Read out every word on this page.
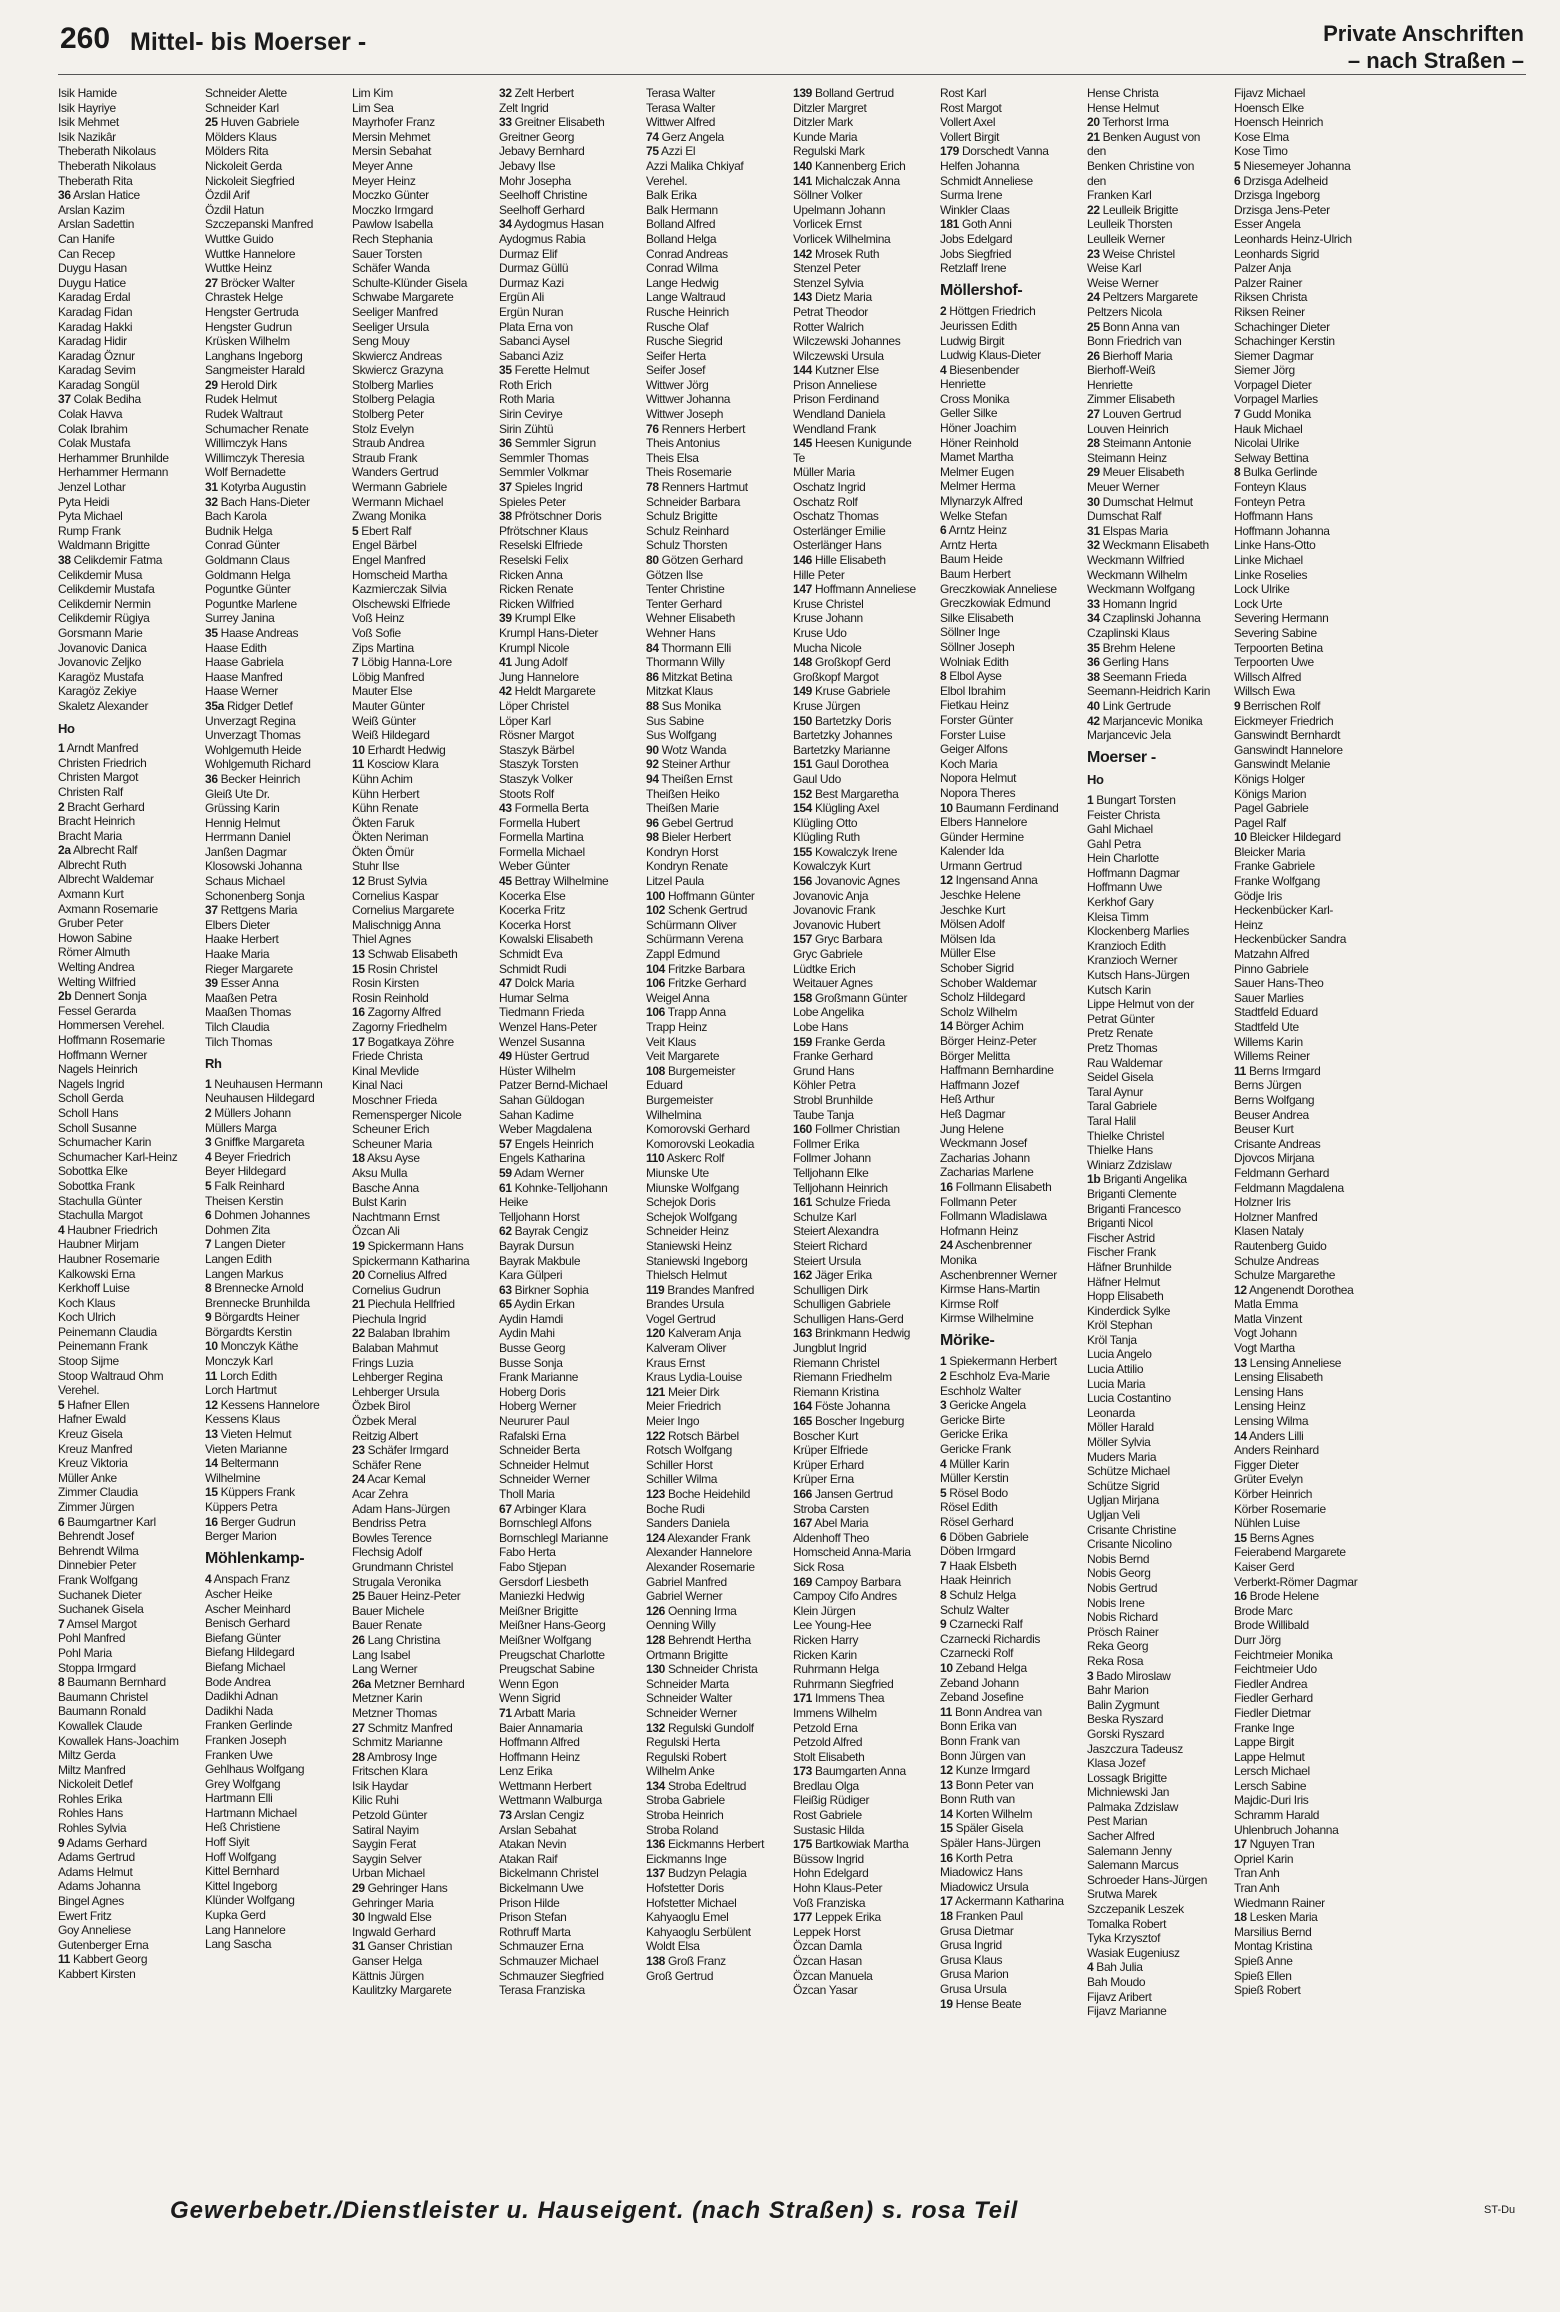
260 Mittel- bis Moerser -	Private Anschriften
– nach Straßen –
Isik Hamide
Isik Hayriye
Isik Mehmet
Isik Nazikâr
Theberath Nikolaus
Theberath Nikolaus
Theberath Rita
36 Arslan Hatice
Arslan Kazim
Arslan Sadettin
Can Hanife
Can Recep
Duygu Hasan
Duygu Hatice
Karadag Erdal
Karadag Fidan
Karadag Hakki
Karadag Hidir
Karadag Öznur
Karadag Sevim
Karadag Songül
37 Colak Bediha
Colak Havva
Colak Ibrahim
Colak Mustafa
Herhammer Brunhilde
Herhammer Hermann
Jenzel Lothar
Pyta Heidi
Pyta Michael
Rump Frank
Waldmann Brigitte
38 Celikdemir Fatma
Celikdemir Musa
Celikdemir Mustafa
Celikdemir Nermin
Celikdemir Rügiya
Gorsmann Marie
Jovanovic Danica
Jovanovic Zeljko
Karagöz Mustafa
Karagöz Zekiye
Skaletz Alexander
Ho
1 Arndt Manfred
Christen Friedrich
Christen Margot
Christen Ralf
2 Bracht Gerhard
Bracht Heinrich
Bracht Maria
2a Albrecht Ralf
Albrecht Ruth
Albrecht Waldemar
Axmann Kurt
Axmann Rosemarie
Gruber Peter
Howon Sabine
Römer Almuth
Welting Andrea
Welting Wilfried
2b Dennert Sonja
Fessel Gerarda
Hommersen Verehel.
Hoffmann Rosemarie
Hoffmann Werner
Nagels Heinrich
Nagels Ingrid
Scholl Gerda
Scholl Hans
Scholl Susanne
Schumacher Karin
Schumacher Karl-Heinz
Sobottka Elke
Sobottka Frank
Stachulla Günter
Stachulla Margot
4 Haubner Friedrich
Haubner Mirjam
Haubner Rosemarie
Kalkowski Erna
Kerkhoff Luise
Koch Klaus
Koch Ulrich
Peinemann Claudia
Peinemann Frank
Stoop Sijme
Stoop Waltraud Ohm
Verehel.
5 Hafner Ellen
Hafner Ewald
Kreuz Gisela
Kreuz Manfred
Kreuz Viktoria
Müller Anke
Zimmer Claudia
Zimmer Jürgen
6 Baumgartner Karl
Behrendt Josef
Behrendt Wilma
Dinnebier Peter
Frank Wolfgang
Suchanek Dieter
Suchanek Gisela
7 Amsel Margot
Pohl Manfred
Pohl Maria
Stoppa Irmgard
8 Baumann Bernhard
Baumann Christel
Baumann Ronald
Kowallek Claude
Kowallek Hans-Joachim
Miltz Gerda
Miltz Manfred
Nickoleit Detlef
Rohles Erika
Rohles Hans
Rohles Sylvia
9 Adams Gerhard
Adams Gertrud
Adams Helmut
Adams Johanna
Bingel Agnes
Ewert Fritz
Goy Anneliese
Gutenberger Erna
11 Kabbert Georg
Kabbert Kirsten
Schneider Alette
Schneider Karl
25 Huven Gabriele
Mölders Klaus
Mölders Rita
Nickoleit Gerda
Nickoleit Siegfried
Özdil Arif
Özdil Hatun
Szczepanski Manfred
Wuttke Guido
Wuttke Hannelore
Wuttke Heinz
27 Bröcker Walter
Chrastek Helge
Hengster Gertruda
Hengster Gudrun
Krüsken Wilhelm
Langhans Ingeborg
Sangmeister Harald
29 Herold Dirk
Rudek Helmut
Rudek Waltraut
Schumacher Renate
Willimczyk Hans
Willimczyk Theresia
Wolf Bernadette
31 Kotyrba Augustin
32 Bach Hans-Dieter
Bach Karola
Budnik Helga
Conrad Günter
Goldmann Claus
Goldmann Helga
Poguntke Günter
Poguntke Marlene
Surrey Janina
35 Haase Andreas
Haase Edith
Haase Gabriela
Haase Manfred
Haase Werner
35a Ridger Detlef
Unverzagt Regina
Unverzagt Thomas
Wohlgemuth Heide
Wohlgemuth Richard
36 Becker Heinrich
Gleiß Ute Dr.
Grüssing Karin
Hennig Helmut
Herrmann Daniel
Janßen Dagmar
Klosowski Johanna
Schaus Michael
Schonenberg Sonja
37 Rettgens Maria
Elbers Dieter
Haake Herbert
Haake Maria
Rieger Margarete
39 Esser Anna
Maaßen Petra
Maaßen Thomas
Tilch Claudia
Tilch Thomas
Rh
1 Neuhausen Hermann
Neuhausen Hildegard
2 Müllers Johann
Müllers Marga
3 Gniffke Margareta
4 Beyer Friedrich
Beyer Hildegard
5 Falk Reinhard
Theisen Kerstin
6 Dohmen Johannes
Dohmen Zita
7 Langen Dieter
Langen Edith
Langen Markus
8 Brennecke Arnold
Brennecke Brunhilda
9 Börgardts Heiner
Börgardts Kerstin
10 Monczyk Käthe
Monczyk Karl
11 Lorch Edith
Lorch Hartmut
12 Kessens Hannelore
Kessens Klaus
13 Vieten Helmut
Vieten Marianne
14 Beltermann
Wilhelmine
15 Küppers Frank
Küppers Petra
16 Berger Gudrun
Berger Marion
Möhlenkamp-
4 Anspach Franz
Ascher Heike
Ascher Meinhard
Benisch Gerhard
Biefang Günter
Biefang Hildegard
Biefang Michael
Bode Andrea
Dadikhi Adnan
Dadikhi Nada
Franken Gerlinde
Franken Joseph
Franken Uwe
Gehlhaus Wolfgang
Grey Wolfgang
Hartmann Elli
Hartmann Michael
Heß Christiene
Hoff Siyit
Hoff Wolfgang
Kittel Bernhard
Kittel Ingeborg
Klünder Wolfgang
Kupka Gerd
Lang Hannelore
Lang Sascha
Lim Kim
Lim Sea
Mayrhofer Franz
Mersin Mehmet
Mersin Sebahat
Meyer Anne
Meyer Heinz
Moczko Günter
Moczko Irmgard
Pawlow Isabella
Rech Stephania
Sauer Torsten
Schäfer Wanda
Schulte-Klünder Gisela
Schwabe Margarete
Seeliger Manfred
Seeliger Ursula
Seng Mouy
Skwiercz Andreas
Skwiercz Grazyna
Stolberg Marlies
Stolberg Pelagia
Stolberg Peter
Stolz Evelyn
Straub Andrea
Straub Frank
Wanders Gertrud
Wermann Gabriele
Wermann Michael
Zwang Monika
5 Ebert Ralf
Engel Bärbel
Engel Manfred
Homscheid Martha
Kazmierczak Silvia
Olschewski Elfriede
Voß Heinz
Voß Sofie
Zips Martina
7 Löbig Hanna-Lore
Löbig Manfred
Mauter Else
Mauter Günter
Weiß Günter
Weiß Hildegard
10 Erhardt Hedwig
11 Kosciow Klara
Kühn Achim
Kühn Herbert
Kühn Renate
Ökten Faruk
Ökten Neriman
Ökten Ömür
Stuhr Ilse
12 Brust Sylvia
Cornelius Kaspar
Cornelius Margarete
Malischnigg Anna
Thiel Agnes
13 Schwab Elisabeth
15 Rosin Christel
Rosin Kirsten
Rosin Reinhold
16 Zagorny Alfred
Zagorny Friedhelm
17 Bogatkaya Zöhre
Friede Christa
Kinal Mevlide
Kinal Naci
Moschner Frieda
Remensperger Nicole
Scheuner Erich
Scheuner Maria
18 Aksu Ayse
Aksu Mulla
Basche Anna
Bulst Karin
Nachtmann Ernst
Özcan Ali
19 Spickermann Hans
Spickermann Katharina
20 Cornelius Alfred
Cornelius Gudrun
21 Piechula Hellfried
Piechula Ingrid
22 Balaban Ibrahim
Balaban Mahmut
Frings Luzia
Lehberger Regina
Lehberger Ursula
Özbek Birol
Özbek Meral
Reitzig Albert
23 Schäfer Irmgard
Schäfer Rene
24 Acar Kemal
Acar Zehra
Adam Hans-Jürgen
Bendriss Petra
Bowles Terence
Flechsig Adolf
Grundmann Christel
Strugala Veronika
25 Bauer Heinz-Peter
Bauer Michele
Bauer Renate
26 Lang Christina
Lang Isabel
Lang Werner
26a Metzner Bernhard
Metzner Karin
Metzner Thomas
27 Schmitz Manfred
Schmitz Marianne
28 Ambrosy Inge
Fritschen Klara
Isik Haydar
Kilic Ruhi
Petzold Günter
Satiral Nayim
Saygin Ferat
Saygin Selver
Urban Michael
29 Gehringer Hans
Gehringer Maria
30 Ingwald Else
Ingwald Gerhard
31 Ganser Christian
Ganser Helga
Kättnis Jürgen
Kaulitzky Margarete
32 Zelt Herbert
Zelt Ingrid
33 Greitner Elisabeth
Greitner Georg
Jebavy Bernhard
Jebavy Ilse
Mohr Josepha
Seelhoff Christine
Seelhoff Gerhard
34 Aydogmus Hasan
Aydogmus Rabia
Durmaz Elif
Durmaz Güllü
Durmaz Kazi
Ergün Ali
Ergün Nuran
Plata Erna von
Sabanci Aysel
Sabanci Aziz
35 Ferette Helmut
Roth Erich
Roth Maria
Sirin Ceviryе
Sirin Zühtü
36 Semmler Sigrun
Semmler Thomas
Semmler Volkmar
37 Spieles Ingrid
Spieles Peter
38 Pfrötschner Doris
Pfrötschner Klaus
Reselski Elfriede
Reselski Felix
Ricken Anna
Ricken Renate
Ricken Wilfried
39 Krumpl Elke
Krumpl Hans-Dieter
Krumpl Nicole
41 Jung Adolf
Jung Hannelore
42 Heldt Margarete
Löper Christel
Löper Karl
Rösner Margot
Staszyk Bärbel
Staszyk Torsten
Staszyk Volker
Stoots Rolf
43 Formella Berta
Formella Hubert
Formella Martina
Formella Michael
Weber Günter
45 Bettray Wilhelmine
Kocerka Else
Kocerka Fritz
Kocerka Horst
Kowalski Elisabeth
Schmidt Eva
Schmidt Rudi
47 Dolck Maria
Humar Selma
Tiedmann Frieda
Wenzel Hans-Peter
Wenzel Susanna
49 Hüster Gertrud
Hüster Wilhelm
Patzer Bernd-Michael
Sahan Güldogan
Sahan Kadime
Weber Magdalena
57 Engels Heinrich
Engels Katharina
59 Adam Werner
61 Kohnke-Telljohann
Heike
Telljohann Horst
62 Bayrak Cengiz
Bayrak Dursun
Bayrak Makbule
Kara Gülperi
63 Birkner Sophia
65 Aydin Erkan
Aydin Hamdi
Aydin Mahi
Busse Georg
Busse Sonja
Frank Marianne
Hoberg Doris
Hoberg Werner
Neururer Paul
Rafalski Erna
Schneider Berta
Schneider Helmut
Schneider Werner
Tholl Maria
67 Arbinger Klara
Bornschlegl Alfons
Bornschlegl Marianne
Fabo Herta
Fabo Stjepan
Gersdorf Liesbeth
Maniezki Hedwig
Meißner Brigitte
Meißner Hans-Georg
Meißner Wolfgang
Preugschat Charlotte
Preugschat Sabine
Wenn Egon
Wenn Sigrid
71 Arbatt Maria
Baier Annamaria
Hoffmann Alfred
Hoffmann Heinz
Lenz Erika
Wettmann Herbert
Wettmann Walburga
73 Arslan Cengiz
Arslan Sebahat
Atakan Nevin
Atakan Raif
Bickelmann Christel
Bickelmann Uwe
Prison Hilde
Prison Stefan
Rothruff Marta
Schmauzer Erna
Schmauzer Michael
Schmauzer Siegfried
Terasa Franziska
Terasa Walter
Terasa Walter
Wittwer Alfred
74 Gerz Angela
75 Azzi El
Azzi Malika Chkiyaf
Verehel.
Balk Erika
Balk Hermann
Bolland Alfred
Bolland Helga
Conrad Andreas
Conrad Wilma
Lange Hedwig
Lange Waltraud
Rusche Heinrich
Rusche Olaf
Rusche Siegrid
Seifer Herta
Seifer Josef
Wittwer Jörg
Wittwer Johanna
Wittwer Joseph
76 Renners Herbert
Theis Antonius
Theis Elsa
Theis Rosemarie
78 Renners Hartmut
Schneider Barbara
Schulz Brigitte
Schulz Reinhard
Schulz Thorsten
80 Götzen Gerhard
Götzen Ilse
Tenter Christine
Tenter Gerhard
Wehner Elisabeth
Wehner Hans
84 Thormann Elli
Thormann Willy
86 Mitzkat Betina
Mitzkat Klaus
88 Sus Monika
Sus Sabine
Sus Wolfgang
90 Wotz Wanda
92 Steiner Arthur
94 Theißen Ernst
Theißen Heiko
Theißen Marie
96 Gebel Gertrud
98 Bieler Herbert
Kondryn Horst
Kondryn Renate
Litzel Paula
100 Hoffmann Günter
102 Schenk Gertrud
Schürmann Oliver
Schürmann Verena
Zappl Edmund
104 Fritzke Barbara
106 Fritzke Gerhard
Weigel Anna
106 Trapp Anna
Trapp Heinz
Veit Klaus
Veit Margarete
108 Burgemeister
Eduard
Burgemeister
Wilhelmina
Komorovski Gerhard
Komorovski Leokadia
110 Askerc Rolf
Miunske Ute
Miunske Wolfgang
Schejok Doris
Schejok Wolfgang
Schneider Heinz
Staniewski Heinz
Staniewski Ingeborg
Thielsch Helmut
119 Brandes Manfred
Brandes Ursula
Vogel Gertrud
120 Kalveram Anja
Kalveram Oliver
Kraus Ernst
Kraus Lydia-Louise
121 Meier Dirk
Meier Friedrich
Meier Ingo
122 Rotsch Bärbel
Rotsch Wolfgang
Schiller Horst
Schiller Wilma
123 Boche Heidehild
Boche Rudi
Sanders Daniela
124 Alexander Frank
Alexander Hannelore
Alexander Rosemarie
Gabriel Manfred
Gabriel Werner
126 Oenning Irma
Oenning Willy
128 Behrendt Hertha
Ortmann Brigitte
130 Schneider Christa
Schneider Marta
Schneider Walter
Schneider Werner
132 Regulski Gundolf
Regulski Herta
Regulski Robert
Wilhelm Anke
134 Stroba Edeltrud
Stroba Gabriele
Stroba Heinrich
Stroba Roland
136 Eickmanns Herbert
Eickmanns Inge
137 Budzyn Pelagia
Hofstetter Doris
Hofstetter Michael
Kahyaoglu Emel
Kahyaoglu Serbülent
Woldt Elsa
138 Groß Franz
Groß Gertrud
139 Bolland Gertrud
Ditzler Margret
Ditzler Mark
Kunde Maria
Regulski Mark
140 Kannenberg Erich
141 Michalczak Anna
Söllner Volker
Upelmann Johann
Vorlicek Ernst
Vorlicek Wilhelmina
142 Mrosek Ruth
Stenzel Peter
Stenzel Sylvia
143 Dietz Maria
Petrat Theodor
Rotter Walrich
Wilczewski Johannes
Wilczewski Ursula
144 Kutzner Else
Prison Anneliese
Prison Ferdinand
Wendland Daniela
Wendland Frank
145 Heesen Kunigunde
Te
Müller Maria
Oschatz Ingrid
Oschatz Rolf
Oschatz Thomas
Osterlänger Emilie
Osterlänger Hans
146 Hille Elisabeth
Hille Peter
147 Hoffmann Anneliese
Kruse Christel
Kruse Johann
Kruse Udo
Mucha Nicole
148 Großkopf Gerd
Großkopf Margot
149 Kruse Gabriele
Kruse Jürgen
150 Bartetzky Doris
Bartetzky Johannes
Bartetzky Marianne
151 Gaul Dorothea
Gaul Udo
152 Best Margaretha
154 Klügling Axel
Klügling Otto
Klügling Ruth
155 Kowalczyk Irene
Kowalczyk Kurt
156 Jovanovic Agnes
Jovanovic Anja
Jovanovic Frank
Jovanovic Hubert
157 Gryc Barbara
Gryc Gabriele
Lüdtke Erich
Weitauer Agnes
158 Großmann Günter
Lobe Angelika
Lobe Hans
159 Franke Gerda
Franke Gerhard
Grund Hans
Köhler Petra
Strobl Brunhilde
Taube Tanja
160 Follmer Christian
Follmer Erika
Follmer Johann
Telljohann Elke
Telljohann Heinrich
161 Schulze Frieda
Schulze Karl
Steiert Alexandra
Steiert Richard
Steiert Ursula
162 Jäger Erika
Schulligen Dirk
Schulligen Gabriele
Schulligen Hans-Gerd
163 Brinkmann Hedwig
Jungblut Ingrid
Riemann Christel
Riemann Friedhelm
Riemann Kristina
164 Föste Johanna
165 Boscher Ingeburg
Boscher Kurt
Krüper Elfriede
Krüper Erhard
Krüper Erna
166 Jansen Gertrud
Stroba Carsten
167 Abel Maria
Aldenhoff Theo
Homscheid Anna-Maria
Sick Rosa
169 Campoy Barbara
Campoy Cifo Andres
Klein Jürgen
Lee Young-Hee
Ricken Harry
Ricken Karin
Ruhrmann Helga
Ruhrmann Siegfried
171 Immens Thea
Immens Wilhelm
Petzold Erna
Petzold Alfred
Stolt Elisabeth
173 Baumgarten Anna
Bredlau Olga
Fleißig Rüdiger
Rost Gabriele
Sustasic Hilda
175 Bartkowiak Martha
Büssow Ingrid
Hohn Edelgard
Hohn Klaus-Peter
Voß Franziska
177 Leppek Erika
Leppek Horst
Özcan Damla
Özcan Hasan
Özcan Manuela
Özcan Yasar
Rost Karl
Rost Margot
Vollert Axel
Vollert Birgit
179 Dorschedt Vanna
Helfen Johanna
Schmidt Anneliese
Surma Irene
Winkler Claas
181 Goth Anni
Jobs Edelgard
Jobs Siegfried
Retzlaff Irene
Möllershof-
2 Höttgen Friedrich
Jeurissen Edith
Ludwig Birgit
Ludwig Klaus-Dieter
4 Biesenbender
Henriette
Cross Monika
Geller Silke
Höner Joachim
Höner Reinhold
Mamet Martha
Melmer Eugen
Melmer Herma
Mlynarzyk Alfred
Welke Stefan
6 Arntz Heinz
Arntz Herta
Baum Heide
Baum Herbert
Greczkowiak Anneliese
Greczkowiak Edmund
Silke Elisabeth
Söllner Inge
Söllner Joseph
Wolniak Edith
8 Elbol Ayse
Elbol Ibrahim
Fietkau Heinz
Forster Günter
Forster Luise
Geiger Alfons
Koch Maria
Nopora Helmut
Nopora Theres
10 Baumann Ferdinand
Elbers Hannelore
Günder Hermine
Kalender Ida
Urmann Gertrud
12 Ingensand Anna
Jeschke Helene
Jeschke Kurt
Mölsen Adolf
Mölsen Ida
Müller Else
Schober Sigrid
Schober Waldemar
Scholz Hildegard
Scholz Wilhelm
14 Börger Achim
Börger Heinz-Peter
Börger Melitta
Haffmann Bernhardine
Haffmann Jozef
Heß Arthur
Heß Dagmar
Jung Helene
Weckmann Josef
Zacharias Johann
Zacharias Marlene
16 Follmann Elisabeth
Follmann Peter
Follmann Wladislawa
Hofmann Heinz
24 Aschenbrenner
Monika
Aschenbrenner Werner
Kirmse Hans-Martin
Kirmse Rolf
Kirmse Wilhelmine
Mörike-
1 Spiekermann Herbert
2 Eschholz Eva-Marie
Eschholz Walter
3 Gericke Angela
Gericke Birte
Gericke Erika
Gericke Frank
4 Müller Karin
Müller Kerstin
5 Rösel Bodo
Rösel Edith
Rösel Gerhard
6 Döben Gabriele
Döben Irmgard
7 Haak Elsbeth
Haak Heinrich
8 Schulz Helga
Schulz Walter
9 Czarnecki Ralf
Czarnecki Richardis
Czarnecki Rolf
10 Zeband Helga
Zeband Johann
Zeband Josefine
11 Bonn Andrea van
Bonn Erika van
Bonn Frank van
Bonn Jürgen van
12 Kunze Irmgard
13 Bonn Peter van
Bonn Ruth van
14 Korten Wilhelm
15 Späler Gisela
Späler Hans-Jürgen
16 Korth Petra
Miadowicz Hans
Miadowicz Ursula
17 Ackermann Katharina
18 Franken Paul
Grusa Dietmar
Grusa Ingrid
Grusa Klaus
Grusa Marion
Grusa Ursula
19 Hense Beate
Hense Christa
Hense Helmut
20 Terhorst Irma
21 Benken August von
den
Benken Christine von
den
Franken Karl
22 Leulleik Brigitte
Leulleik Thorsten
Leulleik Werner
23 Weise Christel
Weise Karl
Weise Werner
24 Peltzers Margarete
Peltzers Nicola
25 Bonn Anna van
Bonn Friedrich van
26 Bierhoff Maria
Bierhoff-Weiß
Henriette
Zimmer Elisabeth
27 Louven Gertrud
Louven Heinrich
28 Steimann Antonie
Steimann Heinz
29 Meuer Elisabeth
Meuer Werner
30 Dumschat Helmut
Dumschat Ralf
31 Elspas Maria
32 Weckmann Elisabeth
Weckmann Wilfried
Weckmann Wilhelm
Weckmann Wolfgang
33 Homann Ingrid
34 Czaplinski Johanna
Czaplinski Klaus
35 Brehm Helene
36 Gerling Hans
38 Seemann Frieda
Seemann-Heidrich Karin
40 Link Gertrude
42 Marjancevic Monika
Marjancevic Jela
Moerser -
Ho
1 Bungart Torsten
Feister Christa
Gahl Michael
Gahl Petra
Hein Charlotte
Hoffmann Dagmar
Hoffmann Uwe
Kerkhof Gary
Kleisa Timm
Klockenberg Marlies
Kranzioch Edith
Kranzioch Werner
Kutsch Hans-Jürgen
Kutsch Karin
Lippe Helmut von der
Petrat Günter
Pretz Renate
Pretz Thomas
Rau Waldemar
Seidel Gisela
Taral Aynur
Taral Gabriele
Taral Halil
Thielke Christel
Thielke Hans
Winiarz Zdzislaw
1b Briganti Angelika
Briganti Clemente
Briganti Francesco
Briganti Nicol
Fischer Astrid
Fischer Frank
Häfner Brunhilde
Häfner Helmut
Hopp Elisabeth
Kinderdick Sylke
Kröl Stephan
Kröl Tanja
Lucia Angelo
Lucia Attilio
Lucia Maria
Lucia Costantino
Leonarda
Möller Harald
Möller Sylvia
Muders Maria
Schütze Michael
Schütze Sigrid
Ugljan Mirjana
Ugljan Veli
Crisante Christine
Crisante Nicolino
Nobis Bernd
Nobis Georg
Nobis Gertrud
Nobis Irene
Nobis Richard
Prösch Rainer
Reka Georg
Reka Rosa
3 Bado Miroslaw
Bahr Marion
Balin Zygmunt
Beska Ryszard
Gorski Ryszard
Jaszczura Tadeusz
Klasa Jozef
Lossagk Brigitte
Michniewski Jan
Palmaka Zdzislaw
Pest Marian
Sacher Alfred
Salemann Jenny
Salemann Marcus
Schroeder Hans-Jürgen
Srutwa Marek
Szczepanik Leszek
Tomalka Robert
Tyka Krzysztof
Wasiak Eugeniusz
4 Bah Julia
Bah Moudo
Fijavz Aribert
Fijavz Marianne
Fijavz Michael
Hoensch Elke
Hoensch Heinrich
Kose Elma
Kose Timo
5 Niesemeyer Johanna
6 Drzisga Adelheid
Drzisga Ingeborg
Drzisga Jens-Peter
Esser Angela
Leonhards Heinz-Ulrich
Leonhards Sigrid
Palzer Anja
Palzer Rainer
Riksen Christa
Riksen Reiner
Schachinger Dieter
Schachinger Kerstin
Siemer Dagmar
Siemer Jörg
Vorpagel Dieter
Vorpagel Marlies
7 Gudd Monika
Hauk Michael
Nicolai Ulrike
Selway Bettina
8 Bulka Gerlinde
Fonteyn Klaus
Fonteyn Petra
Hoffmann Hans
Hoffmann Johanna
Linke Hans-Otto
Linke Michael
Linke Roselies
Lock Ulrike
Lock Urte
Severing Hermann
Severing Sabine
Terpoorten Betina
Terpoorten Uwe
Willsch Alfred
Willsch Ewa
9 Berrischen Rolf
Eickmeyer Friedrich
Ganswindt Bernhardt
Ganswindt Hannelore
Ganswindt Melanie
Königs Holger
Königs Marion
Pagel Gabriele
Pagel Ralf
10 Bleicker Hildegard
Bleicker Maria
Franke Gabriele
Franke Wolfgang
Gödje Iris
Heckenbücker Karl-
Heinz
Heckenbücker Sandra
Matzahn Alfred
Pinno Gabriele
Sauer Hans-Theo
Sauer Marlies
Stadtfeld Eduard
Stadtfeld Ute
Willems Karin
Willems Reiner
11 Berns Irmgard
Berns Jürgen
Berns Wolfgang
Beuser Andrea
Beuser Kurt
Crisante Andreas
Djovcos Mirjana
Feldmann Gerhard
Feldmann Magdalena
Holzner Iris
Holzner Manfred
Klasen Nataly
Rautenberg Guido
Schulze Andreas
Schulze Margarethe
12 Angenendt Dorothea
Matla Emma
Matla Vinzent
Vogt Johann
Vogt Martha
13 Lensing Anneliese
Lensing Elisabeth
Lensing Hans
Lensing Heinz
Lensing Wilma
14 Anders Lilli
Anders Reinhard
Figger Dieter
Grüter Evelyn
Körber Heinrich
Körber Rosemarie
Nühlen Luise
15 Berns Agnes
Feierabend Margarete
Kaiser Gerd
Verberkt-Römer Dagmar
16 Brode Helene
Brode Marc
Brode Willibald
Durr Jörg
Feichtmeier Monika
Feichtmeier Udo
Fiedler Andrea
Fiedler Gerhard
Fiedler Dietmar
Franke Inge
Lappe Birgit
Lappe Helmut
Lersch Michael
Lersch Sabine
Majdic-Duri Iris
Schramm Harald
Uhlenbruch Johanna
17 Nguyen Tran
Opriel Karin
Tran Anh
Tran Anh
Wiedmann Rainer
18 Lesken Maria
Marsilius Bernd
Montag Kristina
Spieß Anne
Spieß Ellen
Spieß Robert
Gewerbebetr./Dienstleister u. Hauseigent. (nach Straßen) s. rosa Teil	ST-Du
